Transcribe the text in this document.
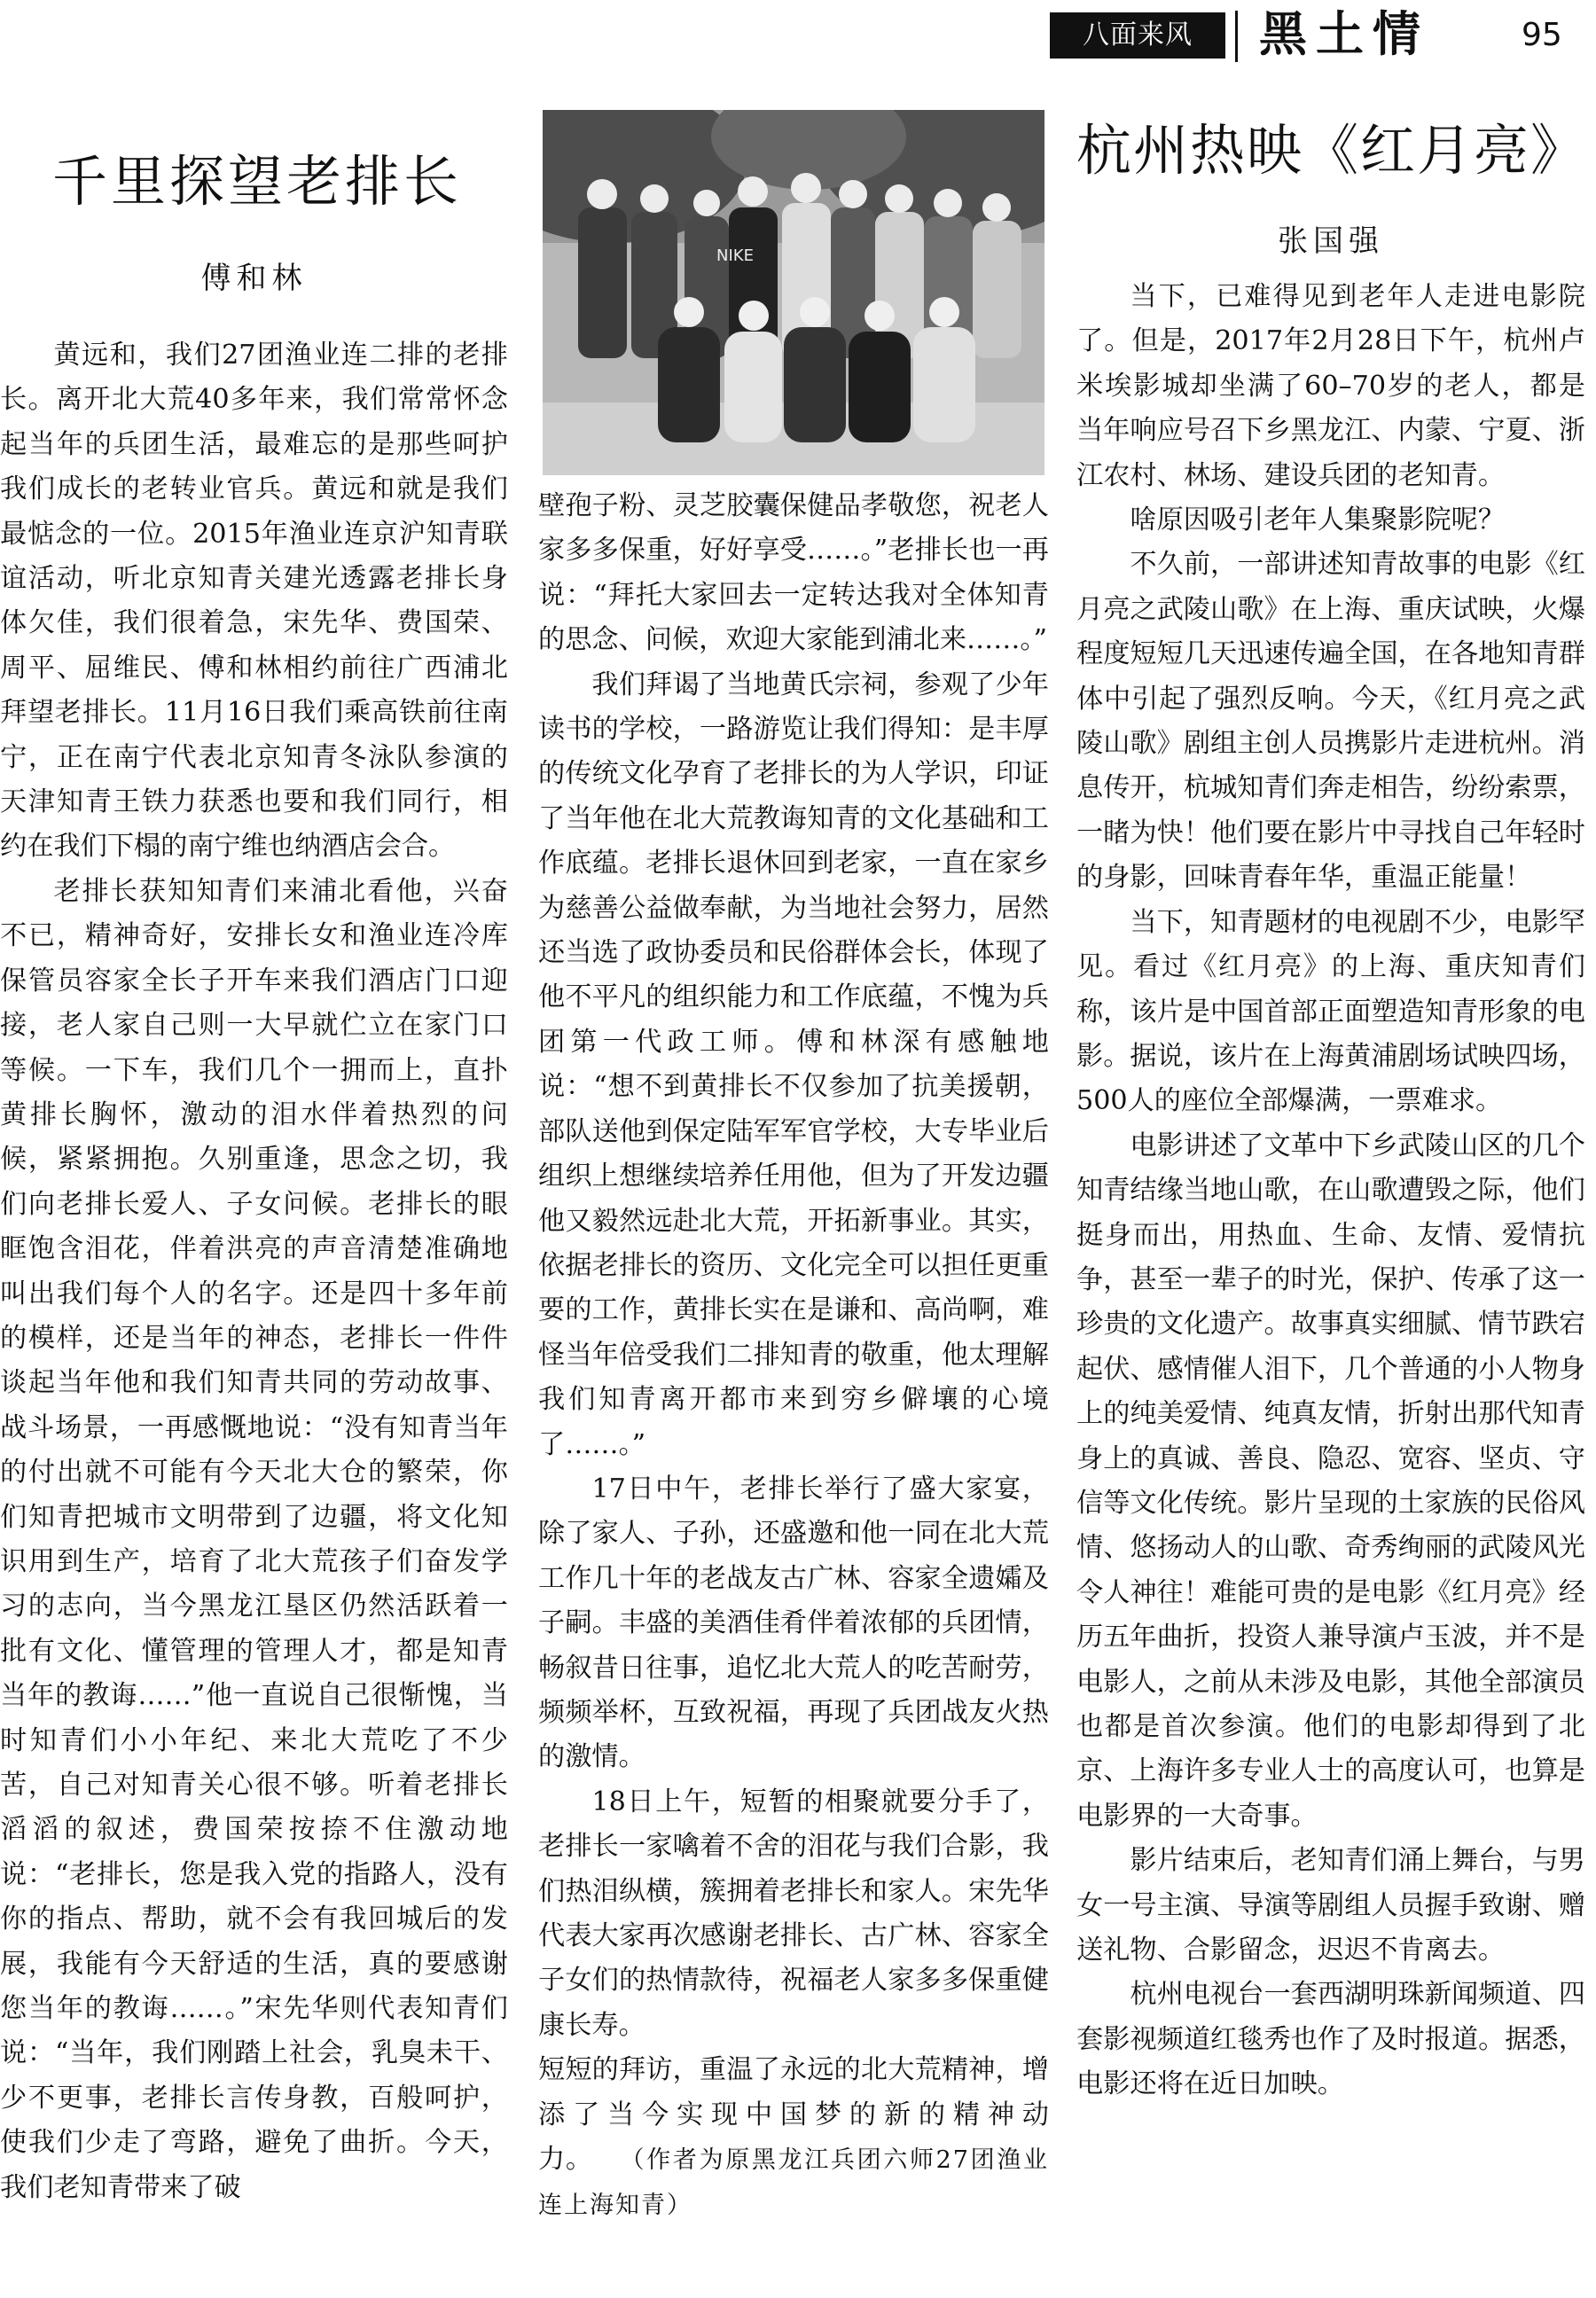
八面来风	黑土情	95
千里探望老排长
傅和林

黄远和，我们27团渔业连二排的老排长。离开北大荒40多年来，我们常常怀念起当年的兵团生活，最难忘的是那些呵护我们成长的老转业官兵。黄远和就是我们最惦念的一位。2015年渔业连京沪知青联谊活动，听北京知青关建光透露老排长身体欠佳，我们很着急，宋先华、费国荣、周平、屈维民、傅和林相约前往广西浦北拜望老排长。11月16日我们乘高铁前往南宁，正在南宁代表北京知青冬泳队参演的天津知青王铁力获悉也要和我们同行，相约在我们下榻的南宁维也纳酒店会合。

老排长获知知青们来浦北看他，兴奋不已，精神奇好，安排长女和渔业连冷库保管员容家全长子开车来我们酒店门口迎接，老人家自己则一大早就伫立在家门口等候。一下车，我们几个一拥而上，直扑黄排长胸怀，激动的泪水伴着热烈的问候，紧紧拥抱。久别重逢，思念之切，我们向老排长爱人、子女问候。老排长的眼眶饱含泪花，伴着洪亮的声音清楚准确地叫出我们每个人的名字。还是四十多年前的模样，还是当年的神态，老排长一件件谈起当年他和我们知青共同的劳动故事、战斗场景，一再感慨地说：“没有知青当年的付出就不可能有今天北大仓的繁荣，你们知青把城市文明带到了边疆，将文化知识用到生产，培育了北大荒孩子们奋发学习的志向，当今黑龙江垦区仍然活跃着一批有文化、懂管理的管理人才，都是知青当年的教诲……”他一直说自己很惭愧，当时知青们小小年纪、来北大荒吃了不少苦，自己对知青关心很不够。听着老排长滔滔的叙述，费国荣按捺不住激动地说：“老排长，您是我入党的指路人，没有你的指点、帮助，就不会有我回城后的发展，我能有今天舒适的生活，真的要感谢您当年的教诲……。”宋先华则代表知青们说：“当年，我们刚踏上社会，乳臭未干、少不更事，老排长言传身教，百般呵护，使我们少走了弯路，避免了曲折。今天，我们老知青带来了破

NIKE

壁孢子粉、灵芝胶囊保健品孝敬您，祝老人家多多保重，好好享受……。”老排长也一再说：“拜托大家回去一定转达我对全体知青的思念、问候，欢迎大家能到浦北来……。”

我们拜谒了当地黄氏宗祠，参观了少年读书的学校，一路游览让我们得知：是丰厚的传统文化孕育了老排长的为人学识，印证了当年他在北大荒教诲知青的文化基础和工作底蕴。老排长退休回到老家，一直在家乡为慈善公益做奉献，为当地社会努力，居然还当选了政协委员和民俗群体会长，体现了他不平凡的组织能力和工作底蕴，不愧为兵团第一代政工师。傅和林深有感触地说：“想不到黄排长不仅参加了抗美援朝，部队送他到保定陆军军官学校，大专毕业后组织上想继续培养任用他，但为了开发边疆他又毅然远赴北大荒，开拓新事业。其实，依据老排长的资历、文化完全可以担任更重要的工作，黄排长实在是谦和、高尚啊，难怪当年倍受我们二排知青的敬重，他太理解我们知青离开都市来到穷乡僻壤的心境了……。”

17日中午，老排长举行了盛大家宴，除了家人、子孙，还盛邀和他一同在北大荒工作几十年的老战友古广林、容家全遗孀及子嗣。丰盛的美酒佳肴伴着浓郁的兵团情，畅叙昔日往事，追忆北大荒人的吃苦耐劳，频频举杯，互致祝福，再现了兵团战友火热的激情。

18日上午，短暂的相聚就要分手了，老排长一家噙着不舍的泪花与我们合影，我们热泪纵横，簇拥着老排长和家人。宋先华代表大家再次感谢老排长、古广林、容家全子女们的热情款待，祝福老人家多多保重健康长寿。

短短的拜访，重温了永远的北大荒精神，增添了当今实现中国梦的新的精神动力。 （作者为原黑龙江兵团六师27团渔业连上海知青）

杭州热映《红月亮》
张国强

当下，已难得见到老年人走进电影院了。但是，2017年2月28日下午，杭州卢米埃影城却坐满了60–70岁的老人，都是当年响应号召下乡黑龙江、内蒙、宁夏、浙江农村、林场、建设兵团的老知青。

啥原因吸引老年人集聚影院呢？

不久前，一部讲述知青故事的电影《红月亮之武陵山歌》在上海、重庆试映，火爆程度短短几天迅速传遍全国，在各地知青群体中引起了强烈反响。今天，《红月亮之武陵山歌》剧组主创人员携影片走进杭州。消息传开，杭城知青们奔走相告，纷纷索票，一睹为快！他们要在影片中寻找自己年轻时的身影，回味青春年华，重温正能量！

当下，知青题材的电视剧不少，电影罕见。看过《红月亮》的上海、重庆知青们称，该片是中国首部正面塑造知青形象的电影。据说，该片在上海黄浦剧场试映四场，500人的座位全部爆满，一票难求。

电影讲述了文革中下乡武陵山区的几个知青结缘当地山歌，在山歌遭毁之际，他们挺身而出，用热血、生命、友情、爱情抗争，甚至一辈子的时光，保护、传承了这一珍贵的文化遗产。故事真实细腻、情节跌宕起伏、感情催人泪下，几个普通的小人物身上的纯美爱情、纯真友情，折射出那代知青身上的真诚、善良、隐忍、宽容、坚贞、守信等文化传统。影片呈现的土家族的民俗风情、悠扬动人的山歌、奇秀绚丽的武陵风光令人神往！难能可贵的是电影《红月亮》经历五年曲折，投资人兼导演卢玉波，并不是电影人，之前从未涉及电影，其他全部演员也都是首次参演。他们的电影却得到了北京、上海许多专业人士的高度认可，也算是电影界的一大奇事。

影片结束后，老知青们涌上舞台，与男女一号主演、导演等剧组人员握手致谢、赠送礼物、合影留念，迟迟不肯离去。

杭州电视台一套西湖明珠新闻频道、四套影视频道红毯秀也作了及时报道。据悉，电影还将在近日加映。
